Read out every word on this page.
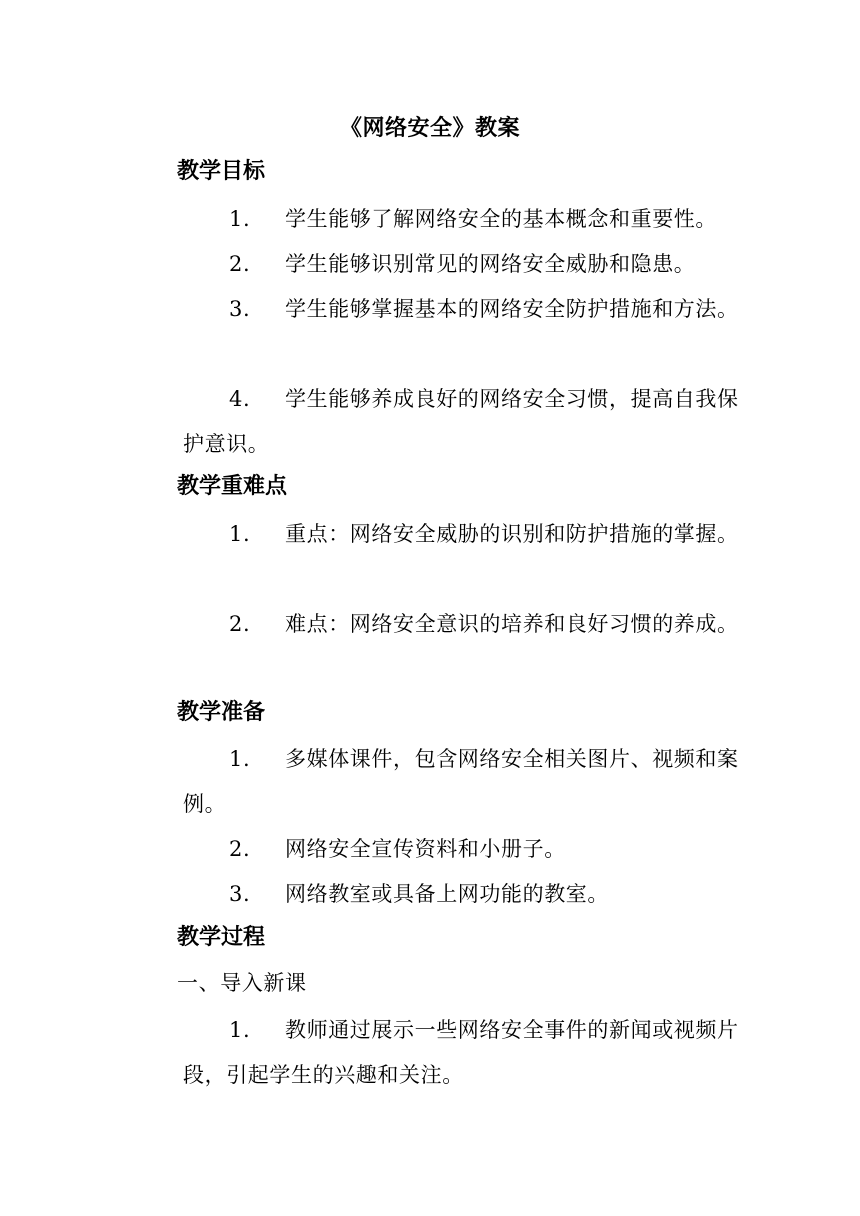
《网络安全》教案
教学目标
1. 学生能够了解网络安全的基本概念和重要性。
2. 学生能够识别常见的网络安全威胁和隐患。
3. 学生能够掌握基本的网络安全防护措施和方法。
4. 学生能够养成良好的网络安全习惯，提高自我保护意识。
教学重难点
1. 重点：网络安全威胁的识别和防护措施的掌握。
2. 难点：网络安全意识的培养和良好习惯的养成。
教学准备
1. 多媒体课件，包含网络安全相关图片、视频和案例。
2. 网络安全宣传资料和小册子。
3. 网络教室或具备上网功能的教室。
教学过程
一、导入新课
1. 教师通过展示一些网络安全事件的新闻或视频片段，引起学生的兴趣和关注。
